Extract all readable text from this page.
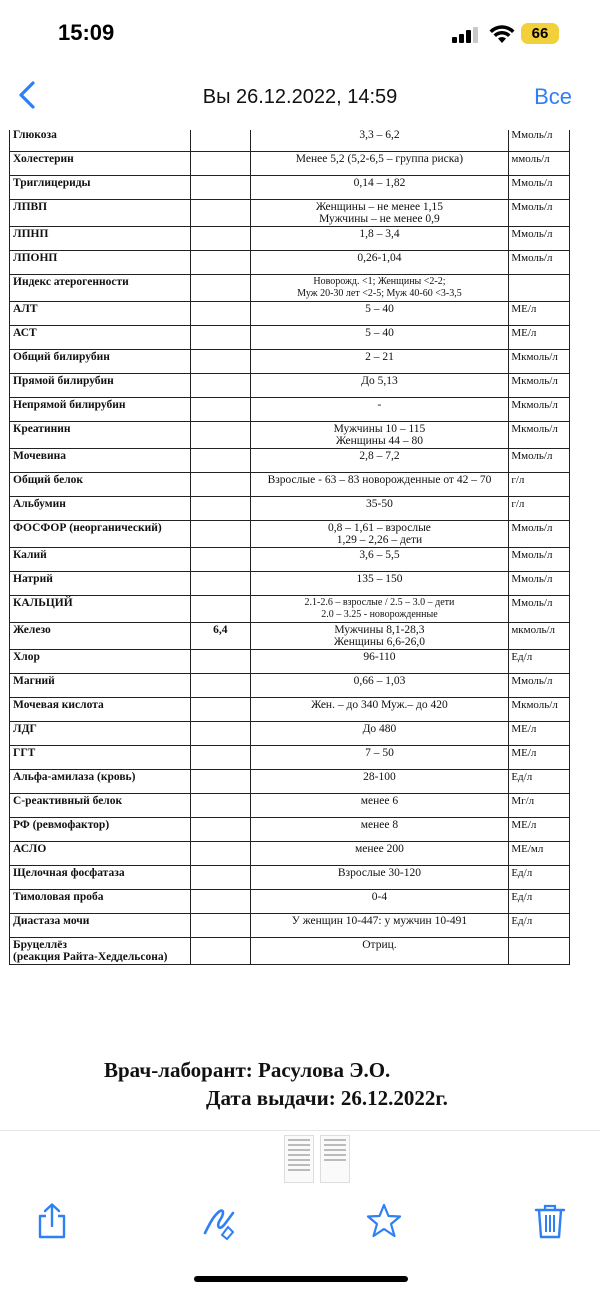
15:09	66
Вы 26.12.2022, 14:59	Все
Глюкоза		3,3 – 6,2	Ммоль/л
Холестерин		Менее 5,2 (5,2-6,5 – группа риска)	ммоль/л
Триглицериды		0,14 – 1,82	Ммоль/л
ЛПВП		Женщины – не менее 1,15
Мужчины – не менее 0,9	Ммоль/л
ЛПНП		1,8 – 3,4	Ммоль/л
ЛПОНП		0,26-1,04	Ммоль/л
Индекс атерогенности		Новорожд. <1; Женщины <2-2;
Муж 20-30 лет <2-5; Муж 40-60 <3-3,5	

АЛТ		5 – 40	МЕ/л
АСТ		5 – 40	МЕ/л
Общий билирубин		2 – 21	Мкмоль/л
Прямой билирубин		До 5,13	Мкмоль/л
Непрямой билирубин		-	Мкмоль/л
Креатинин		Мужчины 10 – 115
Женщины 44 – 80	Мкмоль/л
Мочевина		2,8 – 7,2	Ммоль/л
Общий белок		Взрослые - 63 – 83 новорожденные от 42 – 70	г/л
Альбумин		35-50	г/л
ФОСФОР (неорганический)		0,8 – 1,61 – взрослые
1,29 – 2,26 – дети	Ммоль/л
Калий		3,6 – 5,5	Ммоль/л
Натрий		135 – 150	Ммоль/л
КАЛЬЦИЙ		2.1-2.6 – взрослые / 2.5 – 3.0 – дети
2.0 – 3.25 - новорожденные	Ммоль/л
Железо	6,4	Мужчины 8,1-28,3
Женщины 6,6-26,0	мкмоль/л
Хлор		96-110	Ед/л
Магний		0,66 – 1,03	Ммоль/л
Мочевая кислота		Жен. – до 340 Муж.– до 420	Мкмоль/л
ЛДГ		До 480	МЕ/л
ГГТ		7 – 50	МЕ/л
Альфа-амилаза (кровь)		28-100	Ед/л
С-реактивный белок		менее 6	Мг/л
РФ (ревмофактор)		менее 8	МЕ/л
АСЛО		менее 200	МЕ/мл
Щелочная фосфатаза		Взрослые 30-120	Ед/л
Тимоловая проба		0-4	Ед/л
Диастаза мочи		У женщин 10-447: у мужчин 10-491	Ед/л
Бруцеллёз
(реакция Райта-Хеддельсона)		Отриц.	

Врач-лаборант: Расулова Э.О.
Дата выдачи: 26.12.2022г.
